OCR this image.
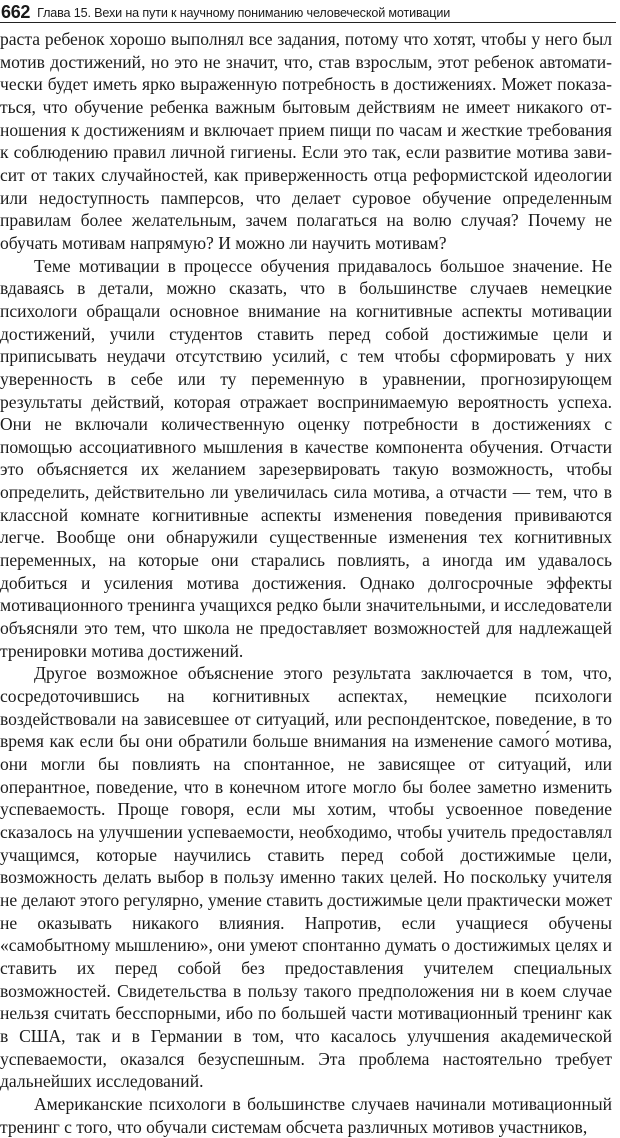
662 Глава 15. Вехи на пути к научному пониманию человеческой мотивации

раста ребенок хорошо выполнял все задания, потому что хотят, чтобы у него был мотив достижений, но это не значит, что, став взрослым, этот ребенок автоматически будет иметь ярко выраженную потребность в достижениях. Может показаться, что обучение ребенка важным бытовым действиям не имеет никакого отношения к достижениям и включает прием пищи по часам и жесткие требования к соблюдению правил личной гигиены. Если это так, если развитие мотива зависит от таких случайностей, как приверженность отца реформистской идеологии или недоступность памперсов, что делает суровое обучение определенным правилам более желательным, зачем полагаться на волю случая? Почему не обучать мотивам напрямую? И можно ли научить мотивам?

Теме мотивации в процессе обучения придавалось большое значение. Не вдаваясь в детали, можно сказать, что в большинстве случаев немецкие психологи обращали основное внимание на когнитивные аспекты мотивации достижений, учили студентов ставить перед собой достижимые цели и приписывать неудачи отсутствию усилий, с тем чтобы сформировать у них уверенность в себе или ту переменную в уравнении, прогнозирующем результаты действий, которая отражает воспринимаемую вероятность успеха. Они не включали количественную оценку потребности в достижениях с помощью ассоциативного мышления в качестве компонента обучения. Отчасти это объясняется их желанием зарезервировать такую возможность, чтобы определить, действительно ли увеличилась сила мотива, а отчасти — тем, что в классной комнате когнитивные аспекты изменения поведения прививаются легче. Вообще они обнаружили существенные изменения тех когнитивных переменных, на которые они старались повлиять, а иногда им удавалось добиться и усиления мотива достижения. Однако долгосрочные эффекты мотивационного тренинга учащихся редко были значительными, и исследователи объясняли это тем, что школа не предоставляет возможностей для надлежащей тренировки мотива достижений.

Другое возможное объяснение этого результата заключается в том, что, сосредоточившись на когнитивных аспектах, немецкие психологи воздействовали на зависевшее от ситуаций, или респондентское, поведение, в то время как если бы они обратили больше внимания на изменение самого́ мотива, они могли бы повлиять на спонтанное, не зависящее от ситуаций, или оперантное, поведение, что в конечном итоге могло бы более заметно изменить успеваемость. Проще говоря, если мы хотим, чтобы усвоенное поведение сказалось на улучшении успеваемости, необходимо, чтобы учитель предоставлял учащимся, которые научились ставить перед собой достижимые цели, возможность делать выбор в пользу именно таких целей. Но поскольку учителя не делают этого регулярно, умение ставить достижимые цели практически может не оказывать никакого влияния. Напротив, если учащиеся обучены «самобытному мышлению», они умеют спонтанно думать о достижимых целях и ставить их перед собой без предоставления учителем специальных возможностей. Свидетельства в пользу такого предположения ни в коем случае нельзя считать бесспорными, ибо по большей части мотивационный тренинг как в США, так и в Германии в том, что касалось улучшения академической успеваемости, оказался безуспешным. Эта проблема настоятельно требует дальнейших исследований.

Американские психологи в большинстве случаев начинали мотивационный тренинг с того, что обучали системам обсчета различных мотивов участников,
